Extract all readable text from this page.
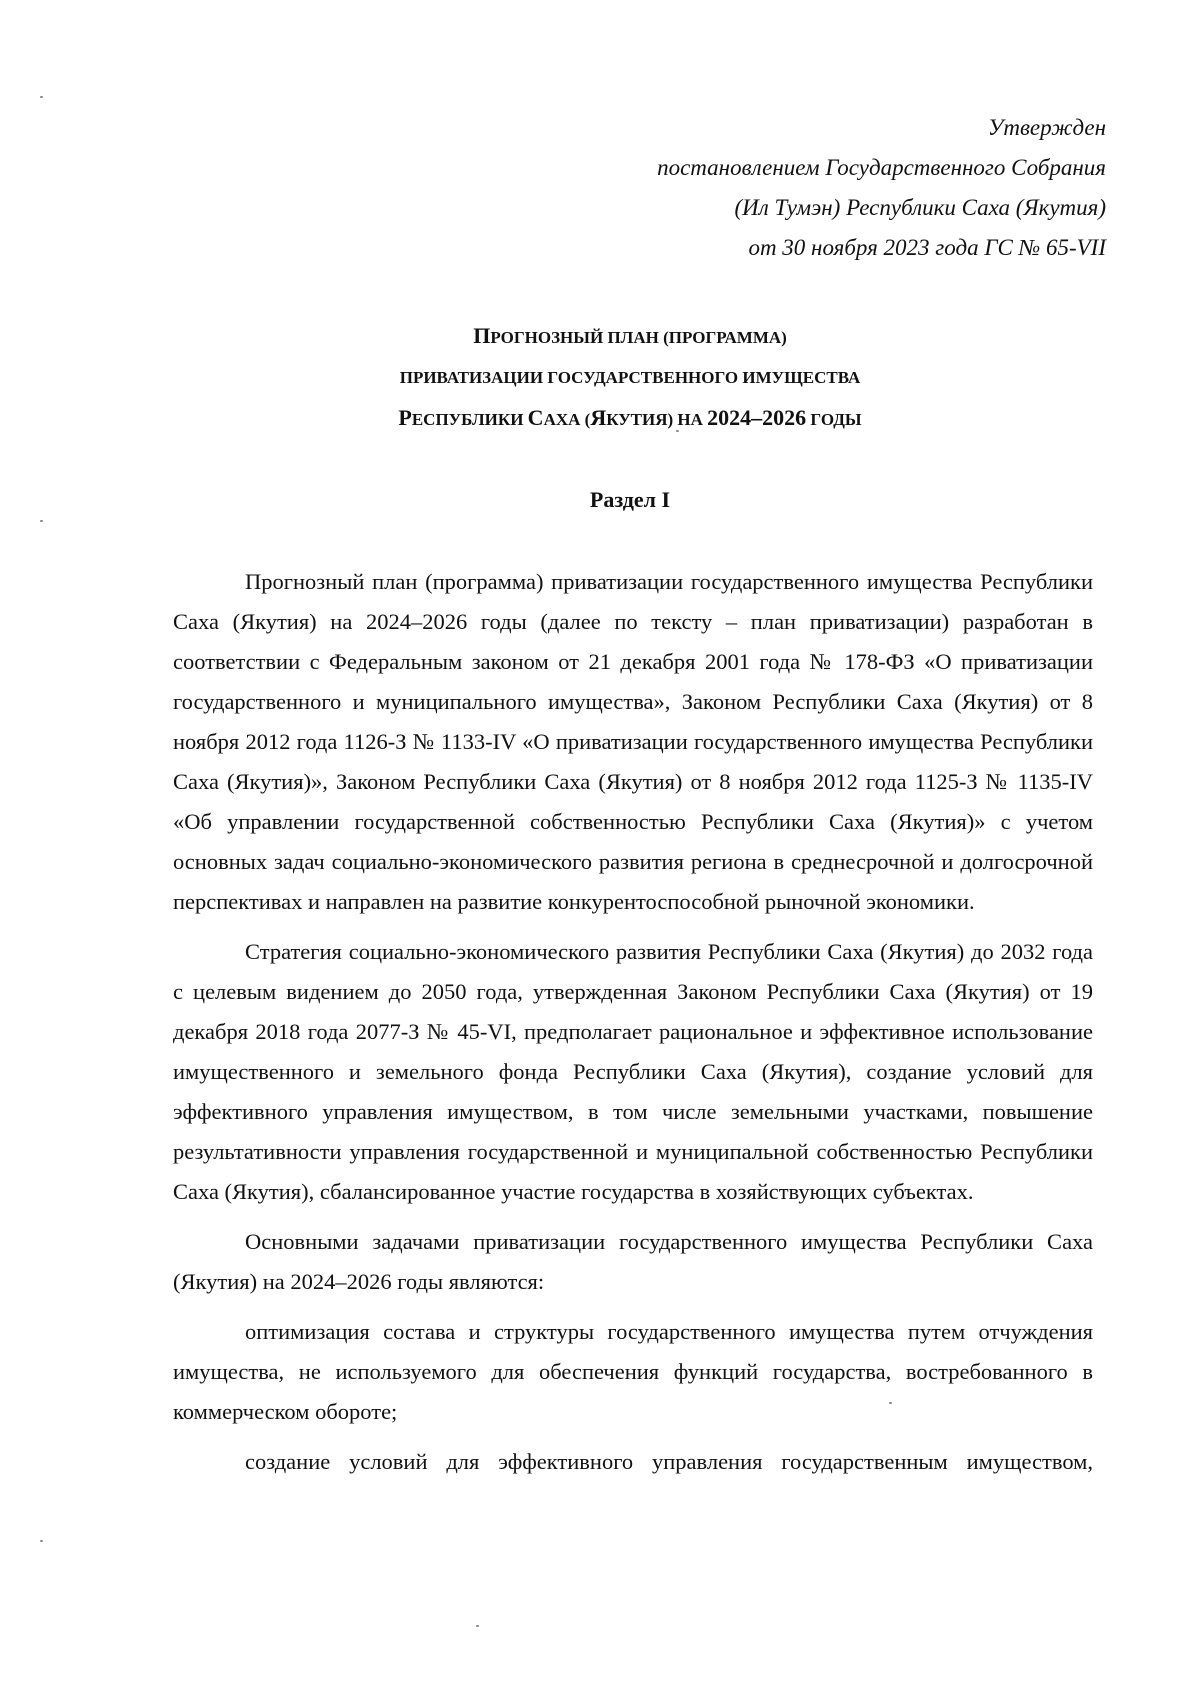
Утвержден
постановлением Государственного Собрания
(Ил Тумэн) Республики Саха (Якутия)
от 30 ноября 2023 года ГС № 65-VII
ПРОГНОЗНЫЙ ПЛАН (ПРОГРАММА)
ПРИВАТИЗАЦИИ ГОСУДАРСТВЕННОГО ИМУЩЕСТВА
РЕСПУБЛИКИ САХА (ЯКУТИЯ) НА 2024–2026 ГОДЫ
Раздел I

Прогнозный план (программа) приватизации государственного имущества Республики Саха (Якутия) на 2024–2026 годы (далее по тексту – план приватизации) разработан в соответствии с Федеральным законом от 21 декабря 2001 года № 178-ФЗ «О приватизации государственного и муниципального имущества», Законом Республики Саха (Якутия) от 8 ноября 2012 года 1126-З № 1133-IV «О приватизации государственного имущества Республики Саха (Якутия)», Законом Республики Саха (Якутия) от 8 ноября 2012 года 1125-З № 1135-IV «Об управлении государственной собственностью Республики Саха (Якутия)» с учетом основных задач социально-экономического развития региона в среднесрочной и долгосрочной перспективах и направлен на развитие конкурентоспособной рыночной экономики.

Стратегия социально-экономического развития Республики Саха (Якутия) до 2032 года с целевым видением до 2050 года, утвержденная Законом Республики Саха (Якутия) от 19 декабря 2018 года 2077-З № 45-VI, предполагает рациональное и эффективное использование имущественного и земельного фонда Республики Саха (Якутия), создание условий для эффективного управления имуществом, в том числе земельными участками, повышение результативности управления государственной и муниципальной собственностью Республики Саха (Якутия), сбалансированное участие государства в хозяйствующих субъектах.

Основными задачами приватизации государственного имущества Республики Саха (Якутия) на 2024–2026 годы являются:

оптимизация состава и структуры государственного имущества путем отчуждения имущества, не используемого для обеспечения функций государства, востребованного в коммерческом обороте;

создание условий для эффективного управления государственным имуществом,
